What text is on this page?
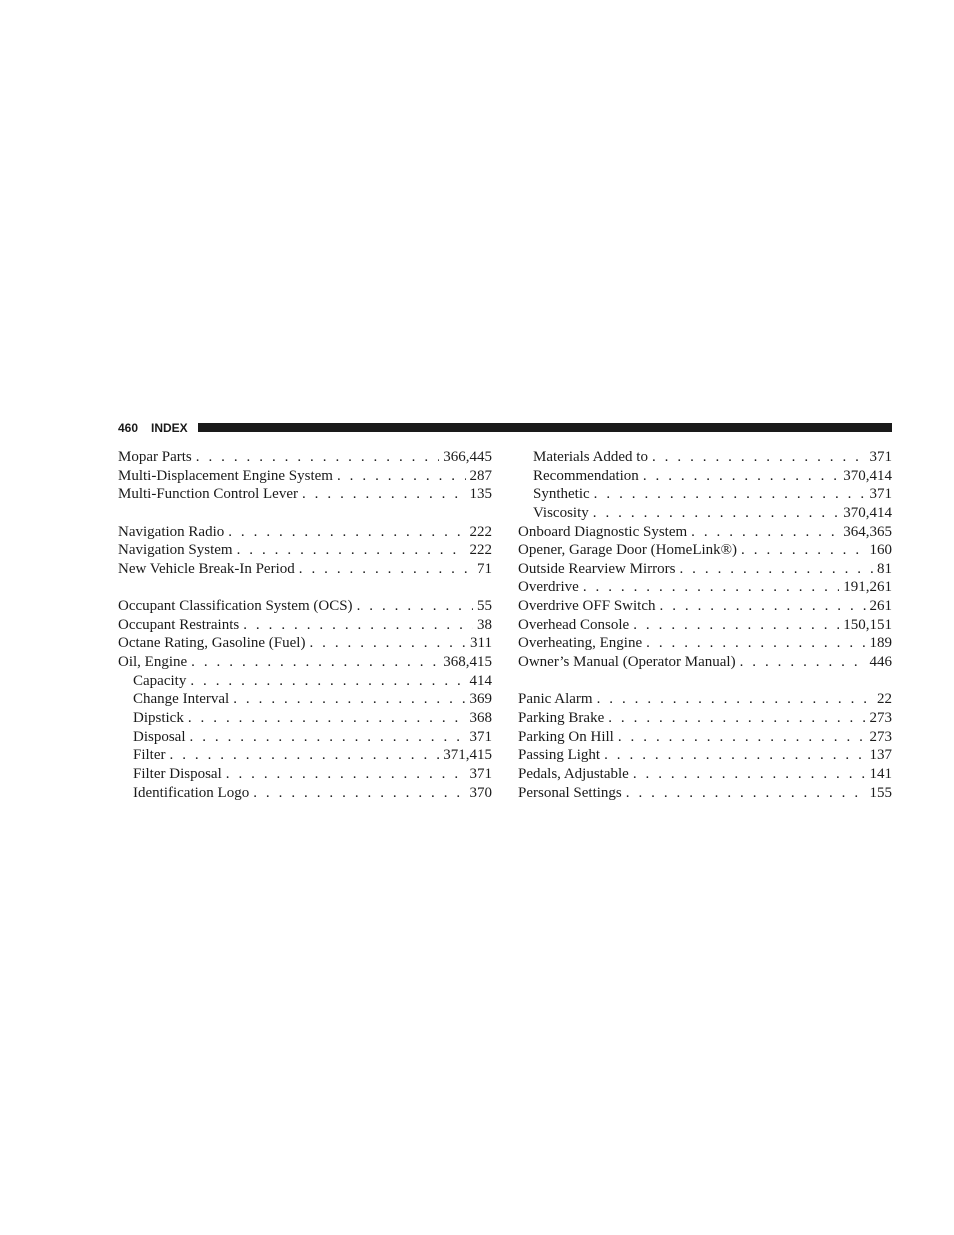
460 INDEX
Mopar Parts . . .	366,445
Multi-Displacement Engine System . . .	287
Multi-Function Control Lever . . .	135
Navigation Radio . . .	222
Navigation System . . .	222
New Vehicle Break-In Period . . .	71
Occupant Classification System (OCS) . . .	55
Occupant Restraints . . .	38
Octane Rating, Gasoline (Fuel) . . .	311
Oil, Engine . . .	368,415
Capacity . . .	414
Change Interval . . .	369
Dipstick . . .	368
Disposal . . .	371
Filter . . .	371,415
Filter Disposal . . .	371
Identification Logo . . .	370
Materials Added to . . .	371
Recommendation . . .	370,414
Synthetic . . .	371
Viscosity . . .	370,414
Onboard Diagnostic System . . .	364,365
Opener, Garage Door (HomeLink®) . . .	160
Outside Rearview Mirrors . . .	81
Overdrive . . .	191,261
Overdrive OFF Switch . . .	261
Overhead Console . . .	150,151
Overheating, Engine . . .	189
Owner’s Manual (Operator Manual) . . .	446
Panic Alarm . . .	22
Parking Brake . . .	273
Parking On Hill . . .	273
Passing Light . . .	137
Pedals, Adjustable . . .	141
Personal Settings . . .	155
